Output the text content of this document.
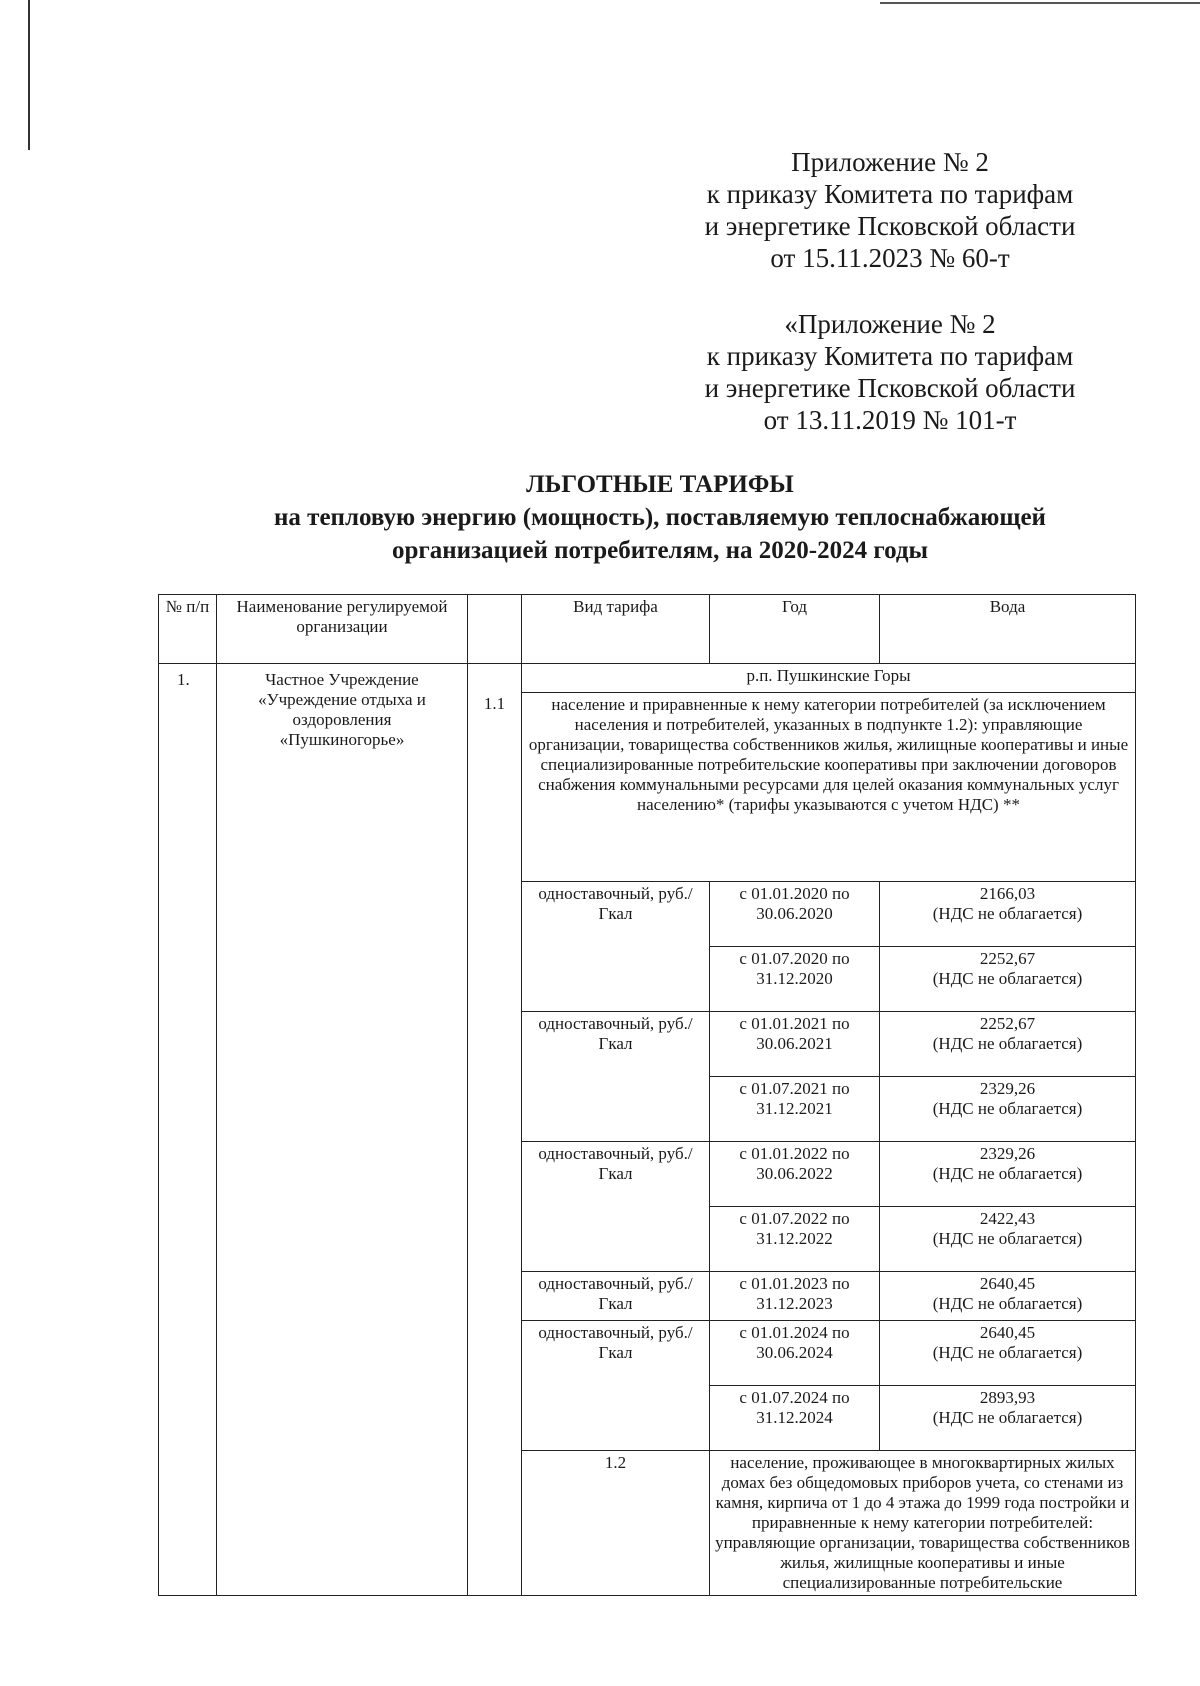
Приложение № 2
к приказу Комитета по тарифам
и энергетике Псковской области
от 15.11.2023 № 60-т
«Приложение № 2
к приказу Комитета по тарифам
и энергетике Псковской области
от 13.11.2019 № 101-т
ЛЬГОТНЫЕ ТАРИФЫ
на тепловую энергию (мощность), поставляемую теплоснабжающей
организацией потребителям, на 2020-2024 годы
№ п/п	Наименование регулируемой организации		Вид тарифа	Год	Вода
1.	Частное Учреждение «Учреждение отдыха и оздоровления «Пушкиногорье»	1.1	р.п. Пушкинские Горы		
			население и приравненные к нему категории потребителей (за исключением населения и потребителей, указанных в подпункте 1.2): управляющие организации, товарищества собственников жилья, жилищные кооперативы и иные специализированные потребительские кооперативы при заключении договоров снабжения коммунальными ресурсами для целей оказания коммунальных услуг населению* (тарифы указываются с учетом НДС) **		
			одноставочный, руб./Гкал	с 01.01.2020 по 30.06.2020	2166,03
(НДС не облагается)

				с 01.07.2020 по 31.12.2020	2252,67
(НДС не облагается)

			одноставочный, руб./Гкал	с 01.01.2021 по 30.06.2021	2252,67
(НДС не облагается)

				с 01.07.2021 по 31.12.2021	2329,26
(НДС не облагается)

			одноставочный, руб./Гкал	с 01.01.2022 по 30.06.2022	2329,26
(НДС не облагается)

				с 01.07.2022 по 31.12.2022	2422,43
(НДС не облагается)

			одноставочный, руб./Гкал	с 01.01.2023 по 31.12.2023	2640,45
(НДС не облагается)

			одноставочный, руб./Гкал	с 01.01.2024 по 30.06.2024	2640,45
(НДС не облагается)

				с 01.07.2024 по 31.12.2024	2893,93
(НДС не облагается)

			1.2	население, проживающее в многоквартирных жилых домах без общедомовых приборов учета, со стенами из камня, кирпича от 1 до 4 этажа до 1999 года постройки и приравненные к нему категории потребителей: управляющие организации, товарищества собственников жилья, жилищные кооперативы и иные специализированные потребительские	
